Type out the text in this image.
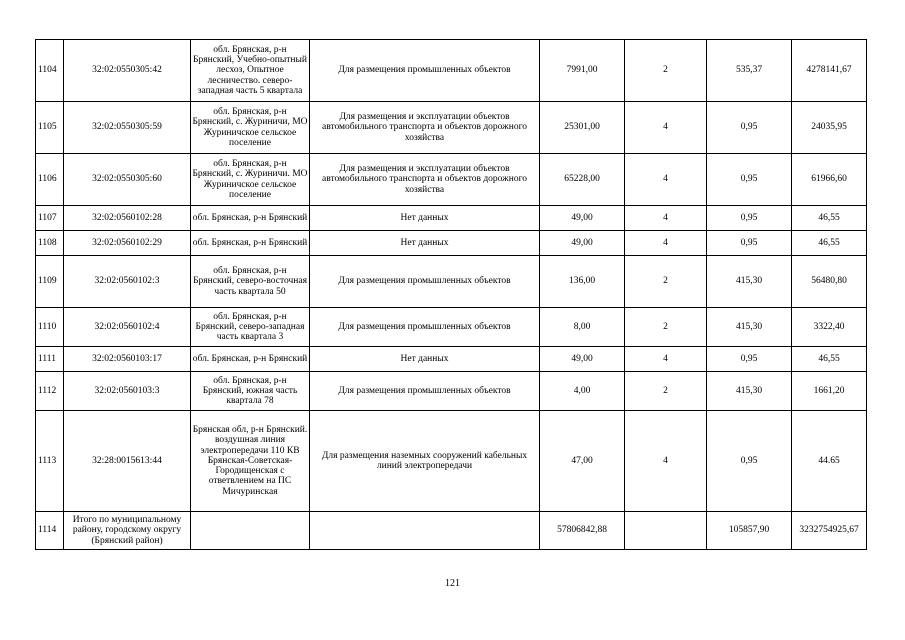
1104	32:02:0550305:42	обл. Брянская, р-н Брянский, Учебно-опытный лесхоз, Опытное лесничество. северо-западная часть 5 квартала	Для размещения промышленных объектов	7991,00	2	535,37	4278141,67
1105	32:02:0550305:59	обл. Брянская, р-н Брянский, с. Журиничи, МО Журиничское сельское поселение	Для размещения и эксплуатации объектов автомобильного транспорта и объектов дорожного хозяйства	25301,00	4	0,95	24035,95
1106	32:02:0550305:60	обл. Брянская, р-н Брянский, с. Журиничи. МО Журиничское сельское поселение	Для размещения и эксплуатации объектов автомобильного транспорта и объектов дорожного хозяйства	65228,00	4	0,95	61966,60
1107	32:02:0560102:28	обл. Брянская, р-н Брянский	Нет данных	49,00	4	0,95	46,55
1108	32:02:0560102:29	обл. Брянская, р-н Брянский	Нет данных	49,00	4	0,95	46,55
1109	32:02:0560102:3	обл. Брянская, р-н Брянский, северо-восточная часть квартала 50	Для размещения промышленных объектов	136,00	2	415,30	56480,80
1110	32:02:0560102:4	обл. Брянская, р-н Брянский, северо-западная часть квартала 3	Для размещения промышленных объектов	8,00	2	415,30	3322,40
1111	32:02:0560103:17	обл. Брянская, р-н Брянский	Нет данных	49,00	4	0,95	46,55
1112	32:02:0560103:3	обл. Брянская, р-н Брянский, южная часть квартала 78	Для размещения промышленных объектов	4,00	2	415,30	1661,20
1113	32:28:0015613:44	Брянская обл, р-н Брянский. воздушная линия электропередачи 110 КВ Брянская-Советская-Городищенская с ответвлением на ПС Мичуринская	Для размещения наземных сооружений кабельных линий электропередачи	47,00	4	0,95	44.65
1114	Итого по муниципальному району, городскому округу (Брянский район)			57806842,88		105857,90	3232754925,67
121
